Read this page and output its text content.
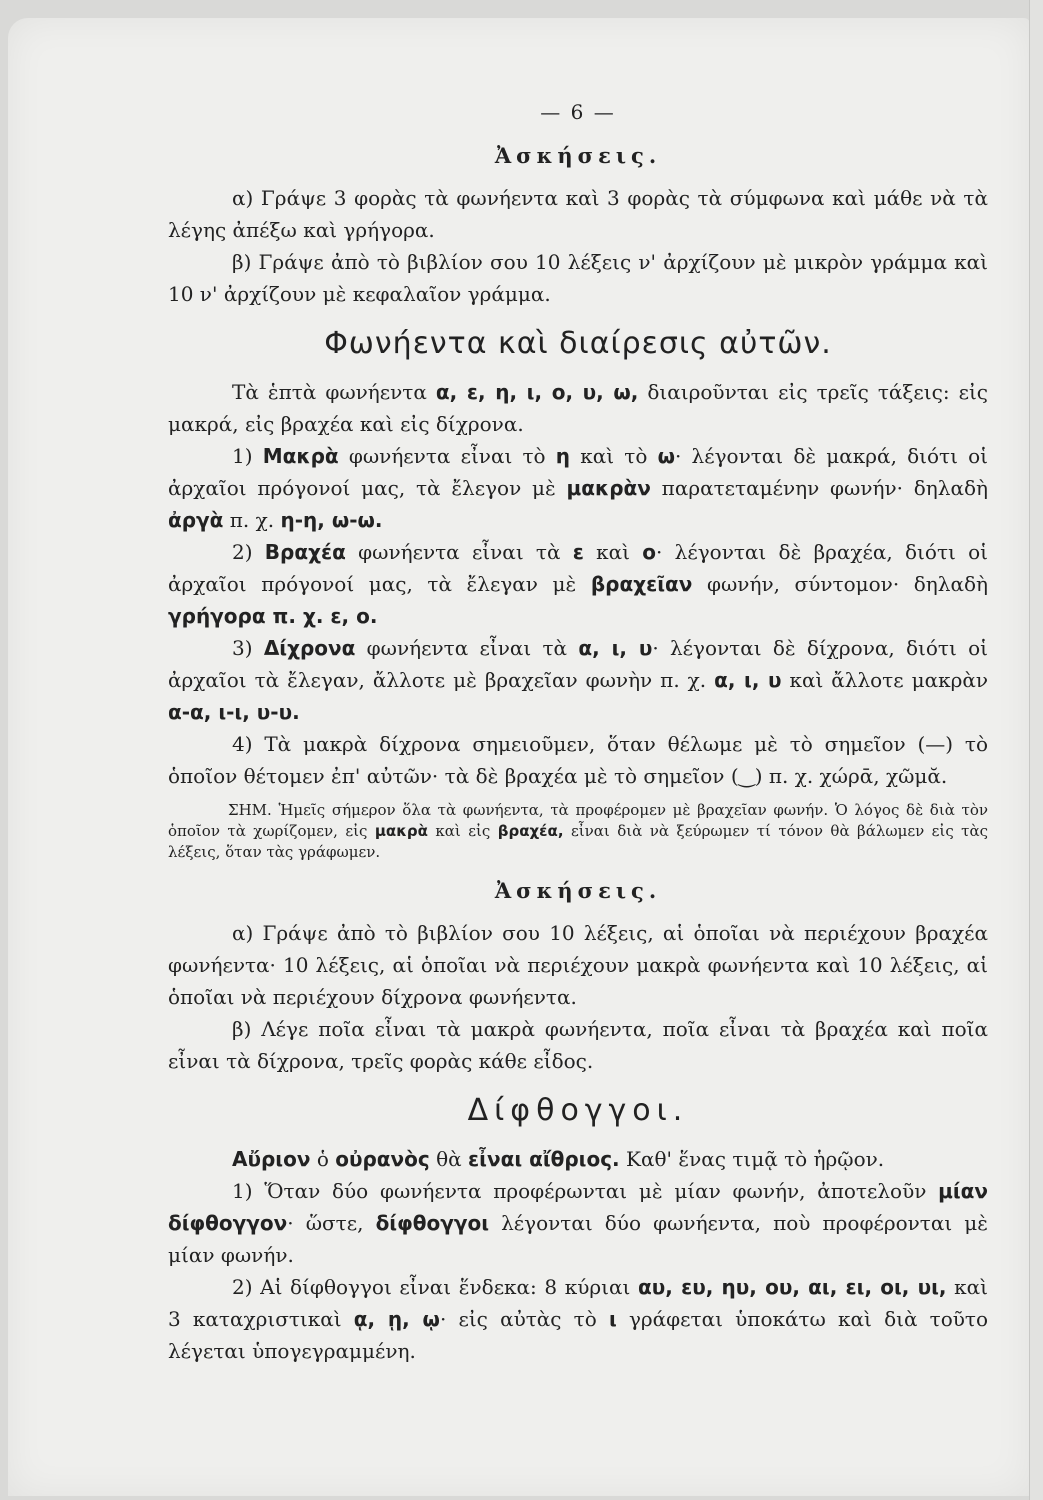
— 6 —
Ἀσκήσεις.

α) Γράψε 3 φορὰς τὰ φωνήεντα καὶ 3 φορὰς τὰ σύμφωνα καὶ μάθε νὰ τὰ λέγης ἀπέξω καὶ γρήγορα.

β) Γράψε ἀπὸ τὸ βιβλίον σου 10 λέξεις ν' ἀρχίζουν μὲ μικρὸν γράμμα καὶ 10 ν' ἀρχίζουν μὲ κεφαλαῖον γράμμα.

Φωνήεντα καὶ διαίρεσις αὐτῶν.

Τὰ ἑπτὰ φωνήεντα α, ε, η, ι, ο, υ, ω, διαιροῦνται εἰς τρεῖς τάξεις: εἰς μακρά, εἰς βραχέα καὶ εἰς δίχρονα.

1) Μακρὰ φωνήεντα εἶναι τὸ η καὶ τὸ ω· λέγονται δὲ μακρά, διότι οἱ ἀρχαῖοι πρόγονοί μας, τὰ ἔλεγον μὲ μακρὰν παρατεταμένην φωνήν· δηλαδὴ ἀργὰ π. χ. η-η, ω-ω.

2) Βραχέα φωνήεντα εἶναι τὰ ε καὶ ο· λέγονται δὲ βραχέα, διότι οἱ ἀρχαῖοι πρόγονοί μας, τὰ ἔλεγαν μὲ βραχεῖαν φωνήν, σύντομον· δηλαδὴ γρήγορα π. χ. ε, ο.

3) Δίχρονα φωνήεντα εἶναι τὰ α, ι, υ· λέγονται δὲ δίχρονα, διότι οἱ ἀρχαῖοι τὰ ἔλεγαν, ἄλλοτε μὲ βραχεῖαν φωνὴν π. χ. α, ι, υ καὶ ἄλλοτε μακρὰν α-α, ι-ι, υ-υ.

4) Τὰ μακρὰ δίχρονα σημειοῦμεν, ὅταν θέλωμε μὲ τὸ σημεῖον (—) τὸ ὁποῖον θέτομεν ἐπ' αὐτῶν· τὰ δὲ βραχέα μὲ τὸ σημεῖον (‿) π. χ. χώρᾱ, χῶμᾰ.

ΣΗΜ. Ἡμεῖς σήμερον ὅλα τὰ φωνήεντα, τὰ προφέρομεν μὲ βραχεῖαν φωνήν. Ὁ λόγος δὲ διὰ τὸν ὁποῖον τὰ χωρίζομεν, εἰς μακρὰ καὶ εἰς βραχέα, εἶναι διὰ νὰ ξεύρωμεν τί τόνον θὰ βάλωμεν εἰς τὰς λέξεις, ὅταν τὰς γράφωμεν.

Ἀσκήσεις.

α) Γράψε ἀπὸ τὸ βιβλίον σου 10 λέξεις, αἱ ὁποῖαι νὰ περιέχουν βραχέα φωνήεντα· 10 λέξεις, αἱ ὁποῖαι νὰ περιέχουν μακρὰ φωνήεντα καὶ 10 λέξεις, αἱ ὁποῖαι νὰ περιέχουν δίχρονα φωνήεντα.

β) Λέγε ποῖα εἶναι τὰ μακρὰ φωνήεντα, ποῖα εἶναι τὰ βραχέα καὶ ποῖα εἶναι τὰ δίχρονα, τρεῖς φορὰς κάθε εἶδος.

Δίφθογγοι.

Αὔριον ὁ οὐρανὸς θὰ εἶναι αἴθριος. Καθ' ἕνας τιμᾷ τὸ ἡρῷον.

1) Ὅταν δύο φωνήεντα προφέρωνται μὲ μίαν φωνήν, ἀποτελοῦν μίαν δίφθογγον· ὥστε, δίφθογγοι λέγονται δύο φωνήεντα, ποὺ προφέρονται μὲ μίαν φωνήν.

2) Αἱ δίφθογγοι εἶναι ἕνδεκα: 8 κύριαι αυ, ευ, ηυ, ου, αι, ει, οι, υι, καὶ 3 καταχριστικαὶ ᾳ, ῃ, ῳ· εἰς αὐτὰς τὸ ι γράφεται ὑποκάτω καὶ διὰ τοῦτο λέγεται ὑπογεγραμμένη.
